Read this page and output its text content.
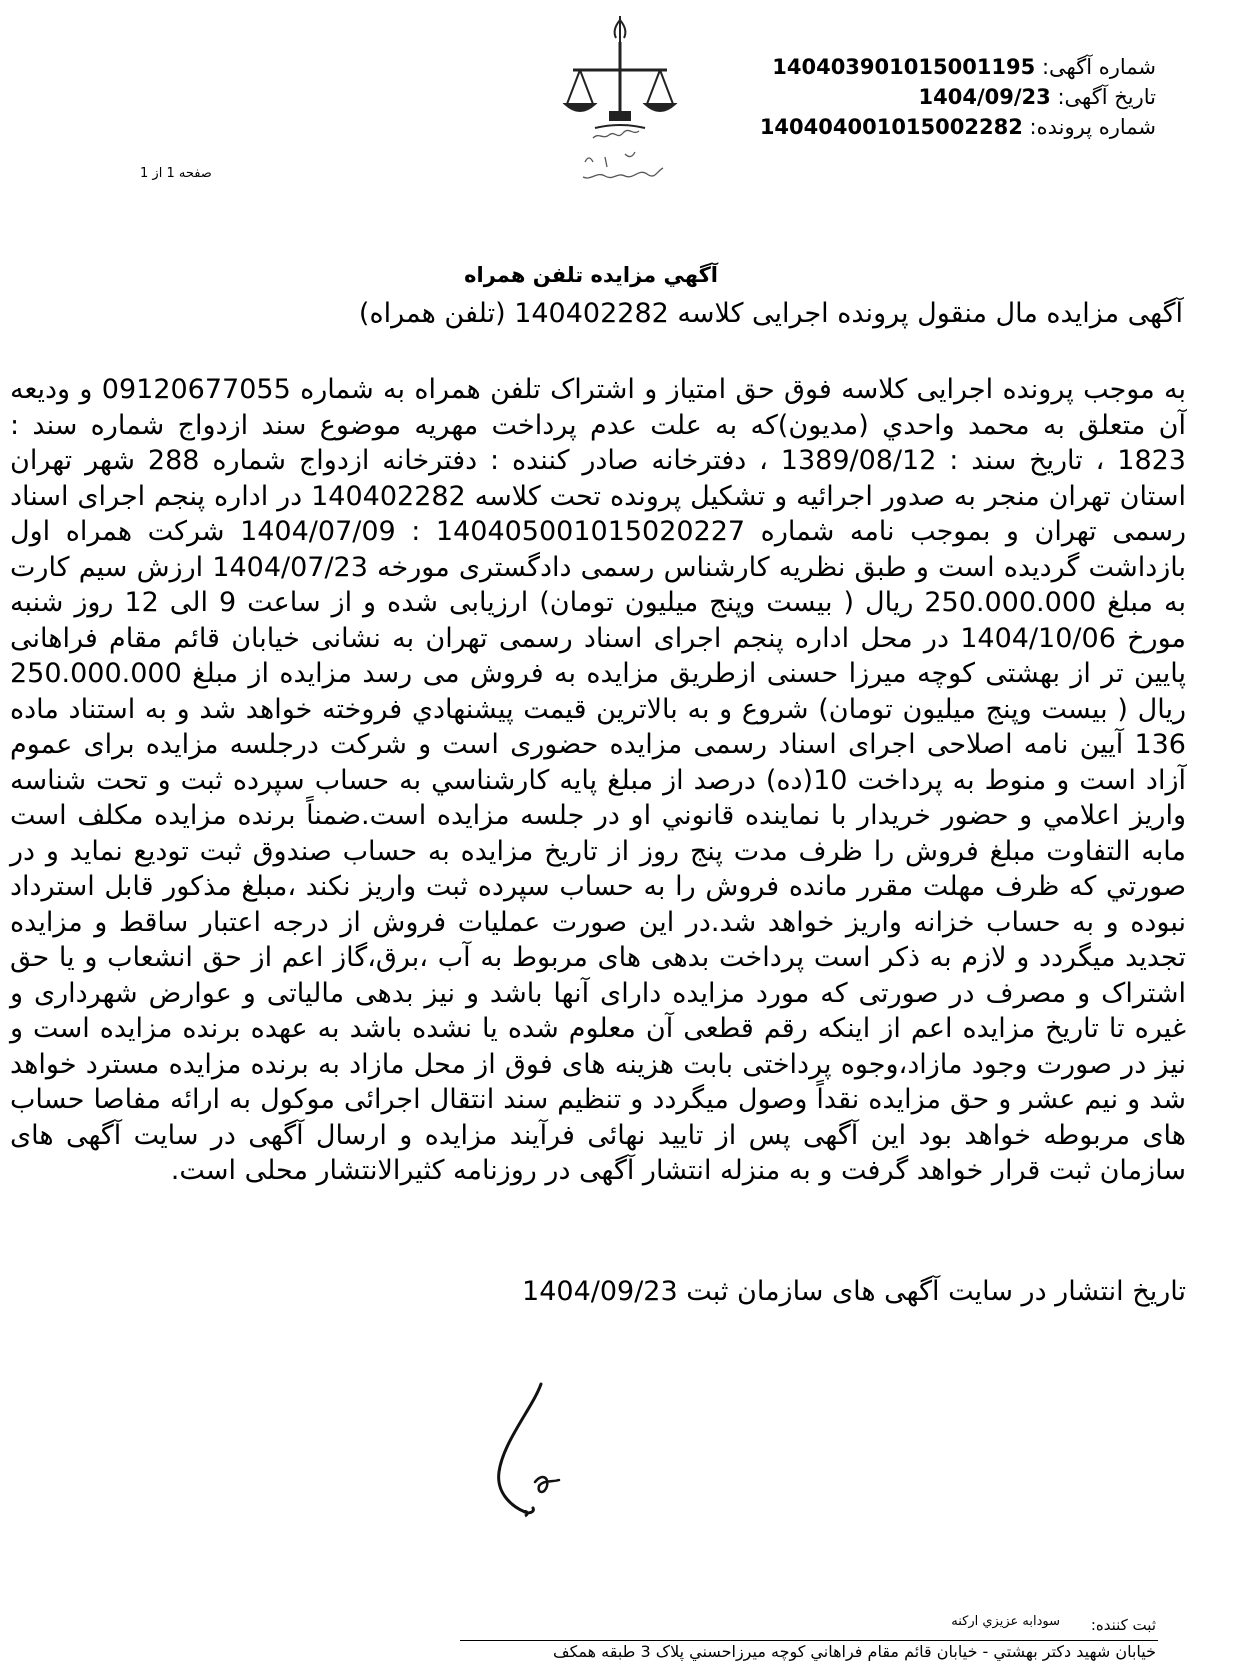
شماره آگهی: 140403901015001195
تاریخ آگهی: 1404/09/23
شماره پرونده: 140404001015002282
صفحه 1 از 1
آگهي مزایده تلفن همراه
آگهی مزایده مال منقول پرونده اجرایی کلاسه 140402282 (تلفن همراه)
به موجب پرونده اجرایی کلاسه فوق حق امتیاز و اشتراک تلفن همراه به شماره 09120677055 و ودیعه آن متعلق به محمد واحدي (مدیون)که به علت عدم پرداخت مهریه موضوع سند ازدواج شماره سند : 1823 ، تاریخ سند : 1389/08/12 ، دفترخانه صادر کننده : دفترخانه ازدواج شماره 288 شهر تهران استان تهران منجر به صدور اجرائیه و تشکیل پرونده تحت کلاسه 140402282 در اداره پنجم اجرای اسناد رسمی تهران و بموجب نامه شماره 140405001015020227 : 1404/07/09 شرکت همراه اول بازداشت گردیده است و طبق نظریه کارشناس رسمی دادگستری مورخه 1404/07/23 ارزش سیم کارت به مبلغ 250.000.000 ریال ( بیست وپنج میلیون تومان) ارزیابی شده و از ساعت 9 الی 12 روز شنبه مورخ 1404/10/06 در محل اداره پنجم اجرای اسناد رسمی تهران به نشانی خیابان قائم مقام فراهانی پایین تر از بهشتی کوچه میرزا حسنی ازطریق مزایده به فروش می رسد مزایده از مبلغ 250.000.000 ریال ( بیست وپنج میلیون تومان) شروع و به بالاترین قیمت پیشنهادي فروخته خواهد شد و به استناد ماده 136 آیین نامه اصلاحی اجرای اسناد رسمی مزایده حضوری است و شرکت درجلسه مزایده برای عموم آزاد است و منوط به پرداخت 10(ده) درصد از مبلغ پایه کارشناسي به حساب سپرده ثبت و تحت شناسه واریز اعلامي و حضور خریدار با نماینده قانوني او در جلسه مزایده است.ضمناً برنده مزایده مکلف است مابه التفاوت مبلغ فروش را ظرف مدت پنج روز از تاریخ مزایده به حساب صندوق ثبت تودیع نماید و در صورتي که ظرف مهلت مقرر مانده فروش را به حساب سپرده ثبت واریز نکند ،مبلغ مذکور قابل استرداد نبوده و به حساب خزانه واریز خواهد شد.در این صورت عملیات فروش از درجه اعتبار ساقط و مزایده تجدید میگردد و لازم به ذکر است پرداخت بدهی های مربوط به آب ،برق،گاز اعم از حق انشعاب و یا حق اشتراک و مصرف در صورتی که مورد مزایده دارای آنها باشد و نیز بدهی مالیاتی و عوارض شهرداری و غیره تا تاریخ مزایده اعم از اینکه رقم قطعی آن معلوم شده یا نشده باشد به عهده برنده مزایده است و نیز در صورت وجود مازاد،وجوه پرداختی بابت هزینه های فوق از محل مازاد به برنده مزایده مسترد خواهد شد و نیم عشر و حق مزایده نقداً وصول میگردد و تنظیم سند انتقال اجرائی موکول به ارائه مفاصا حساب های مربوطه خواهد بود این آگهی پس از تایید نهائی فرآیند مزایده و ارسال آگهی در سایت آگهی های سازمان ثبت قرار خواهد گرفت و به منزله انتشار آگهی در روزنامه کثیرالانتشار محلی است.
تاریخ انتشار در سایت آگهی های سازمان ثبت 1404/09/23
ثبت کننده:
سودابه عزیزي ارکنه
خیابان شهید دکتر بهشتي - خیابان قائم مقام فراهاني کوچه میرزاحسني پلاک 3 طبقه همکف
